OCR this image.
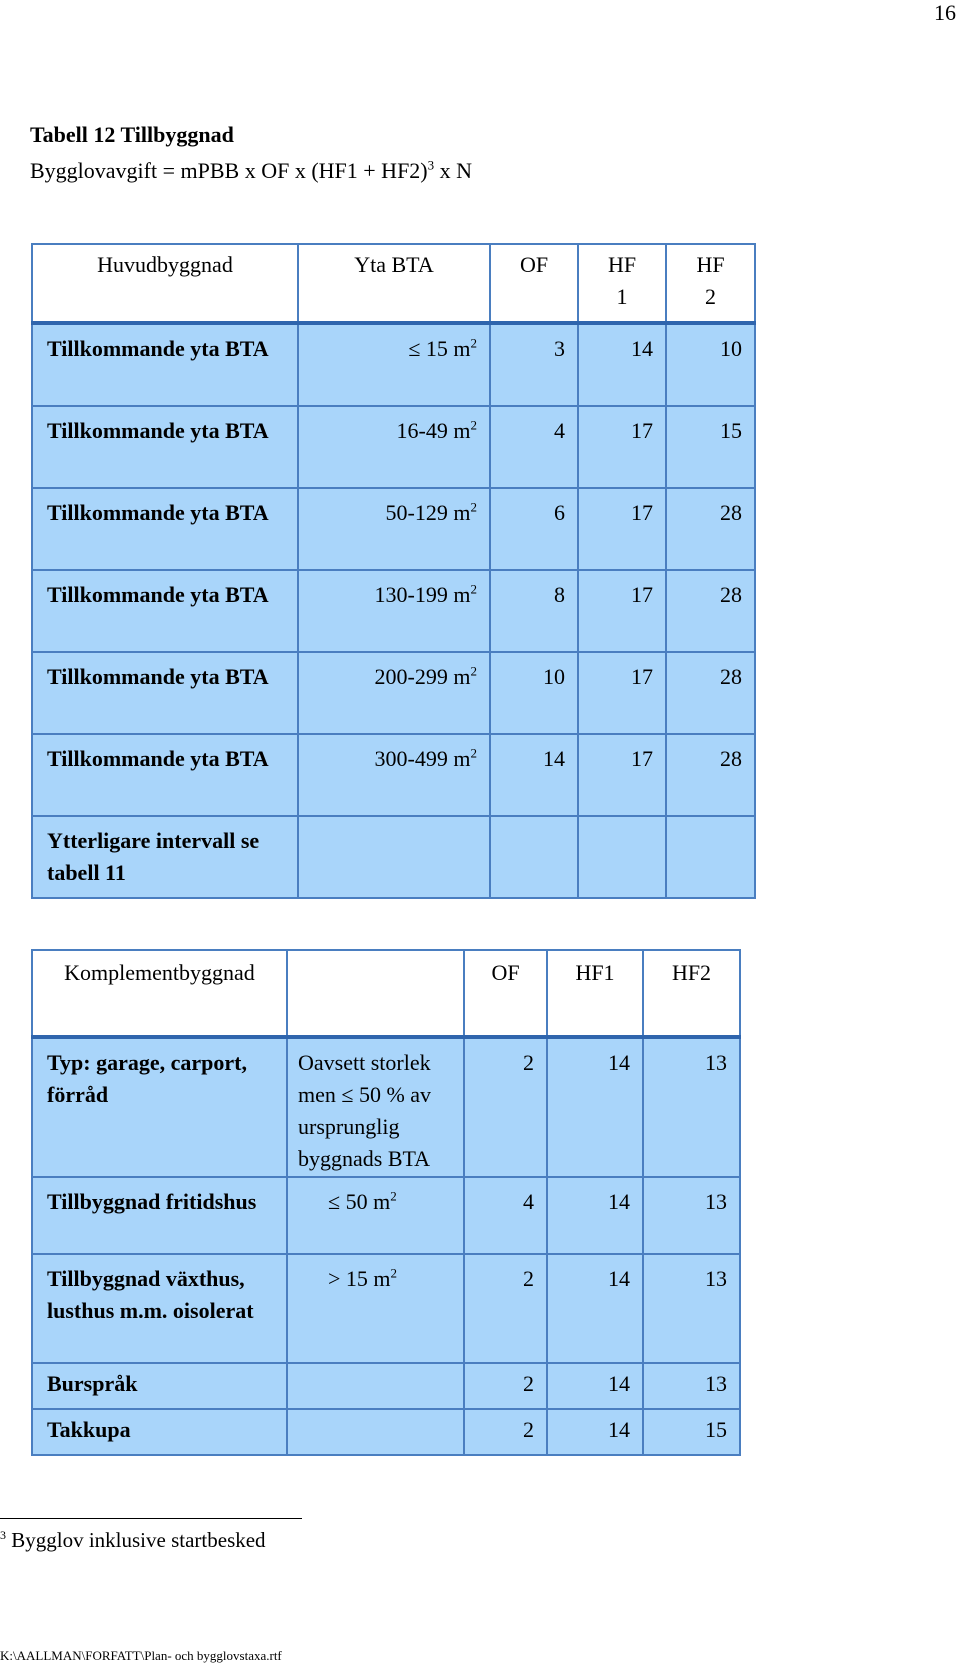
16
Tabell 12 Tillbyggnad
Bygglovavgift = mPBB x OF x $(HF1 + HF2)^3$ x N
Huvudbyggnad	Yta BTA	OF	HF 1	HF 2
Tillkommande yta BTA	≤ 15 $m^2$	3	14	10
Tillkommande yta BTA	16-49 $m^2$	4	17	15
Tillkommande yta BTA	50-129 $m^2$	6	17	28
Tillkommande yta BTA	130-199 $m^2$	8	17	28
Tillkommande yta BTA	200-299 $m^2$	10	17	28
Tillkommande yta BTA	300-499 $m^2$	14	17	28
Ytterligare intervall se tabell 11				
Komplementbyggnad		OF	HF1	HF2
Typ: garage, carport, förråd	Oavsett storlek men ≤ 50 % av ursprunglig byggnads BTA	2	14	13
Tillbyggnad fritidshus	≤ 50 $m^2$	4	14	13
Tillbyggnad växthus, lusthus m.m. oisolerat	> 15 $m^2$	2	14	13
Burspråk		2	14	13
Takkupa		2	14	15
$^3$ Bygglov inklusive startbesked
K:\AALLMAN\FORFATT\Plan- och bygglovstaxa.rtf
